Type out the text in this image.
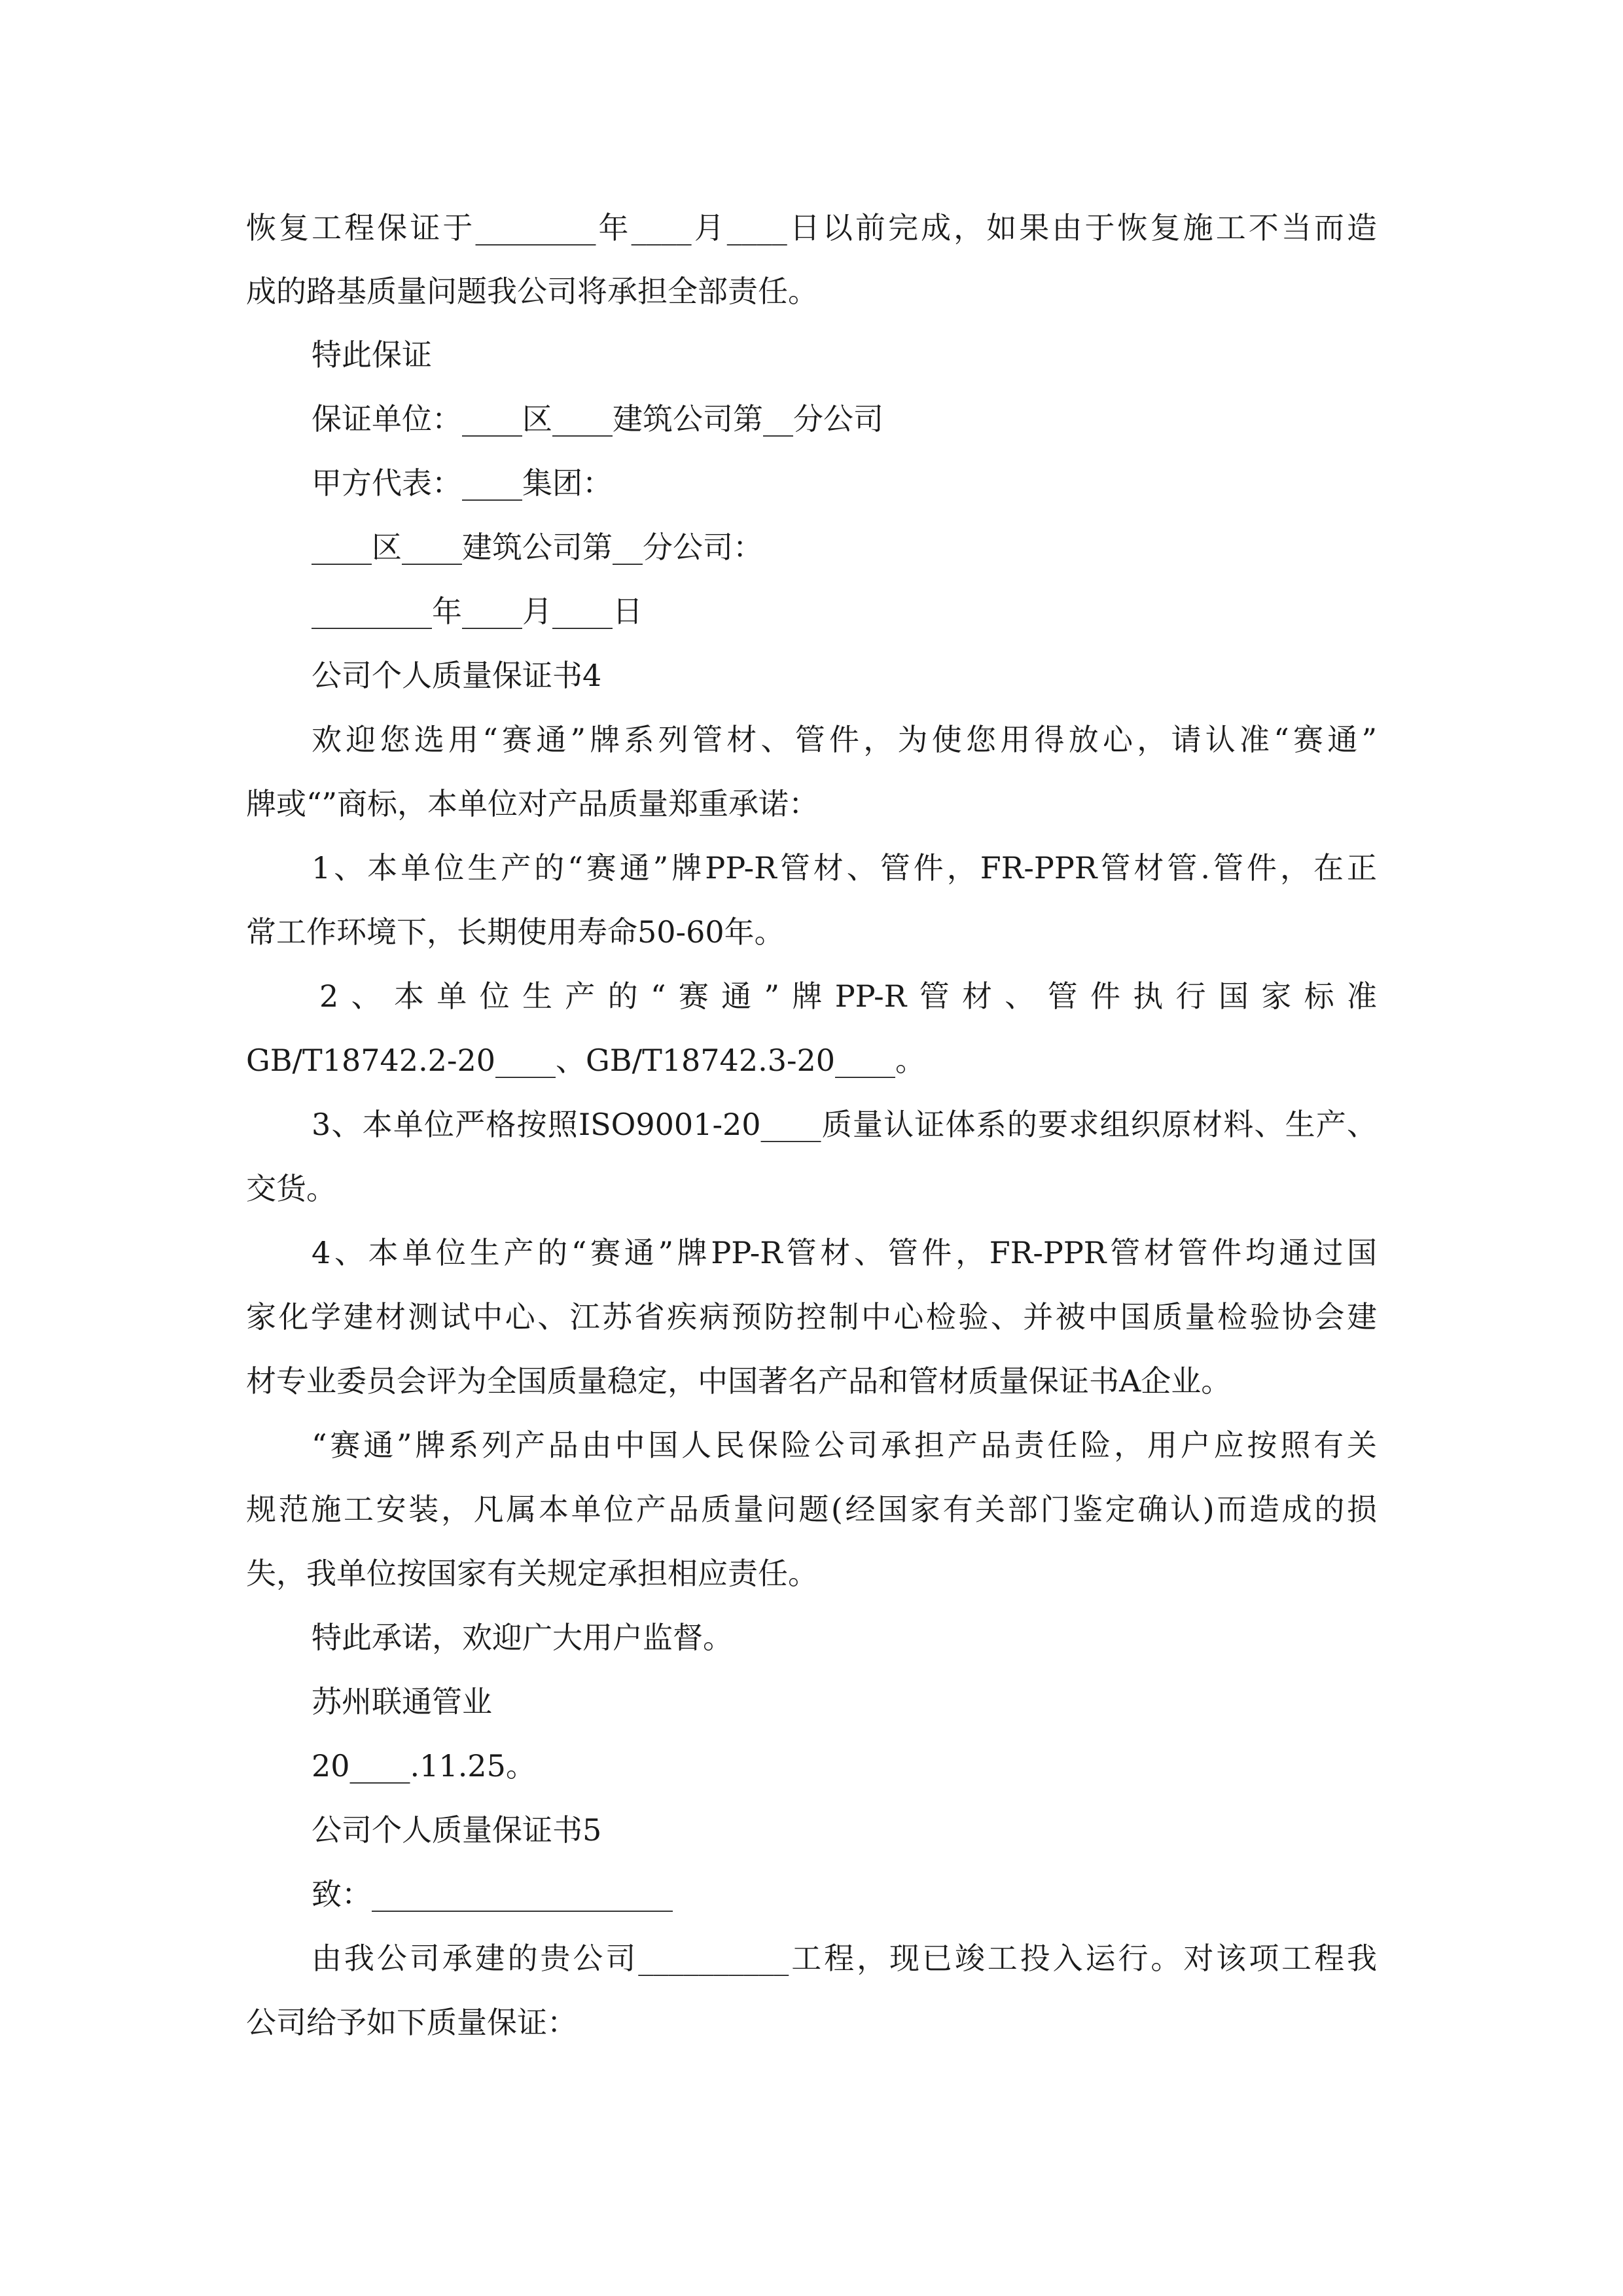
恢复工程保证于________年____月____日以前完成，如果由于恢复施工不当而造

成的路基质量问题我公司将承担全部责任。

特此保证

保证单位：____区____建筑公司第__分公司

甲方代表：____集团：

____区____建筑公司第__分公司：

________年____月____日

公司个人质量保证书4

欢迎您选用“赛通”牌系列管材、管件，为使您用得放心，请认准“赛通”

牌或“”商标，本单位对产品质量郑重承诺：

1、本单位生产的“赛通”牌PP-R管材、管件，FR-PPR管材管.管件，在正

常工作环境下，长期使用寿命50-60年。

2、本单位生产的“赛通”牌PP-R管材、管件执行国家标准

GB/T18742.2-20____、GB/T18742.3-20____。

3、本单位严格按照ISO9001-20____质量认证体系的要求组织原材料、生产、

交货。

4、本单位生产的“赛通”牌PP-R管材、管件，FR-PPR管材管件均通过国

家化学建材测试中心、江苏省疾病预防控制中心检验、并被中国质量检验协会建

材专业委员会评为全国质量稳定，中国著名产品和管材质量保证书A企业。

“赛通”牌系列产品由中国人民保险公司承担产品责任险，用户应按照有关

规范施工安装，凡属本单位产品质量问题(经国家有关部门鉴定确认)而造成的损

失，我单位按国家有关规定承担相应责任。

特此承诺，欢迎广大用户监督。

苏州联通管业

20____.11.25。

公司个人质量保证书5

致：____________________

由我公司承建的贵公司__________工程，现已竣工投入运行。对该项工程我

公司给予如下质量保证：
